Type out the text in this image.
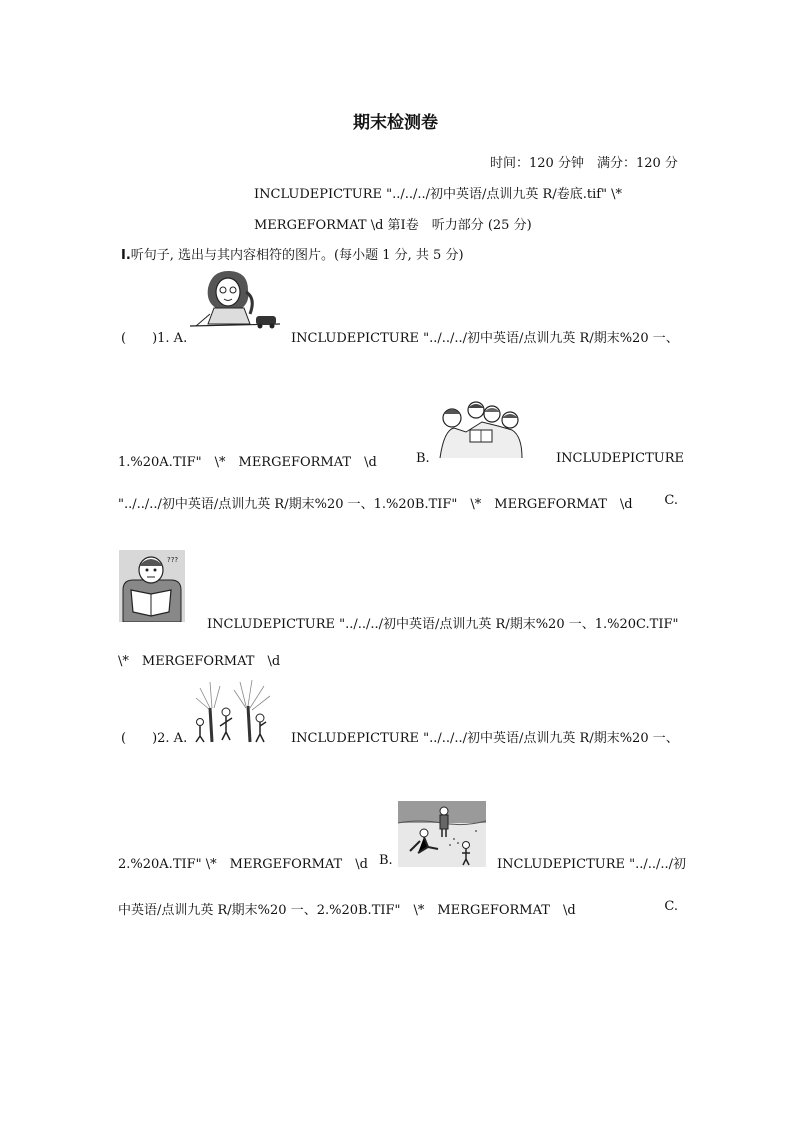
期末检测卷
时间：120 分钟　满分：120 分
INCLUDEPICTURE "../../../初中英语/点训九英 R/卷底.tif" \*
MERGEFORMAT \d 第Ⅰ卷　听力部分 (25 分)
Ⅰ.听句子, 选出与其内容相符的图片。(每小题 1 分, 共 5 分)
(　　)1. A.	INCLUDEPICTURE "../../../初中英语/点训九英 R/期末%20 一、
1.%20A.TIF"　\*　MERGEFORMAT　\d	B.	INCLUDEPICTURE
"../../../初中英语/点训九英 R/期末%20 一、1.%20B.TIF"　\*　MERGEFORMAT　\d C.
???
INCLUDEPICTURE "../../../初中英语/点训九英 R/期末%20 一、1.%20C.TIF"
\*　MERGEFORMAT　\d
(　　)2. A.	INCLUDEPICTURE "../../../初中英语/点训九英 R/期末%20 一、
2.%20A.TIF" \*　MERGEFORMAT　\d B.	INCLUDEPICTURE "../../../初
中英语/点训九英 R/期末%20 一、2.%20B.TIF"　\*　MERGEFORMAT　\d	C.
